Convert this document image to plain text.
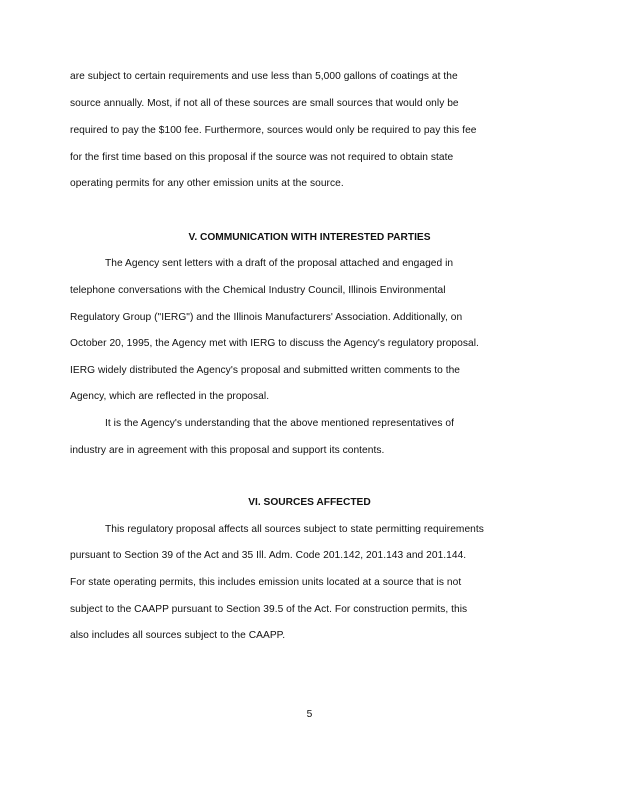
are subject to certain requirements and use less than 5,000 gallons of coatings at the
source annually. Most, if not all of these sources are small sources that would only be
required to pay the $100 fee. Furthermore, sources would only be required to pay this fee
for the first time based on this proposal if the source was not required to obtain state
operating permits for any other emission units at the source.
V. COMMUNICATION WITH INTERESTED PARTIES
The Agency sent letters with a draft of the proposal attached and engaged in
telephone conversations with the Chemical Industry Council, Illinois Environmental
Regulatory Group ("IERG") and the Illinois Manufacturers' Association. Additionally, on
October 20, 1995, the Agency met with IERG to discuss the Agency's regulatory proposal.
IERG widely distributed the Agency's proposal and submitted written comments to the
Agency, which are reflected in the proposal.
It is the Agency's understanding that the above mentioned representatives of
industry are in agreement with this proposal and support its contents.
VI. SOURCES AFFECTED
This regulatory proposal affects all sources subject to state permitting requirements
pursuant to Section 39 of the Act and 35 Ill. Adm. Code 201.142, 201.143 and 201.144.
For state operating permits, this includes emission units located at a source that is not
subject to the CAAPP pursuant to Section 39.5 of the Act. For construction permits, this
also includes all sources subject to the CAAPP.
5
